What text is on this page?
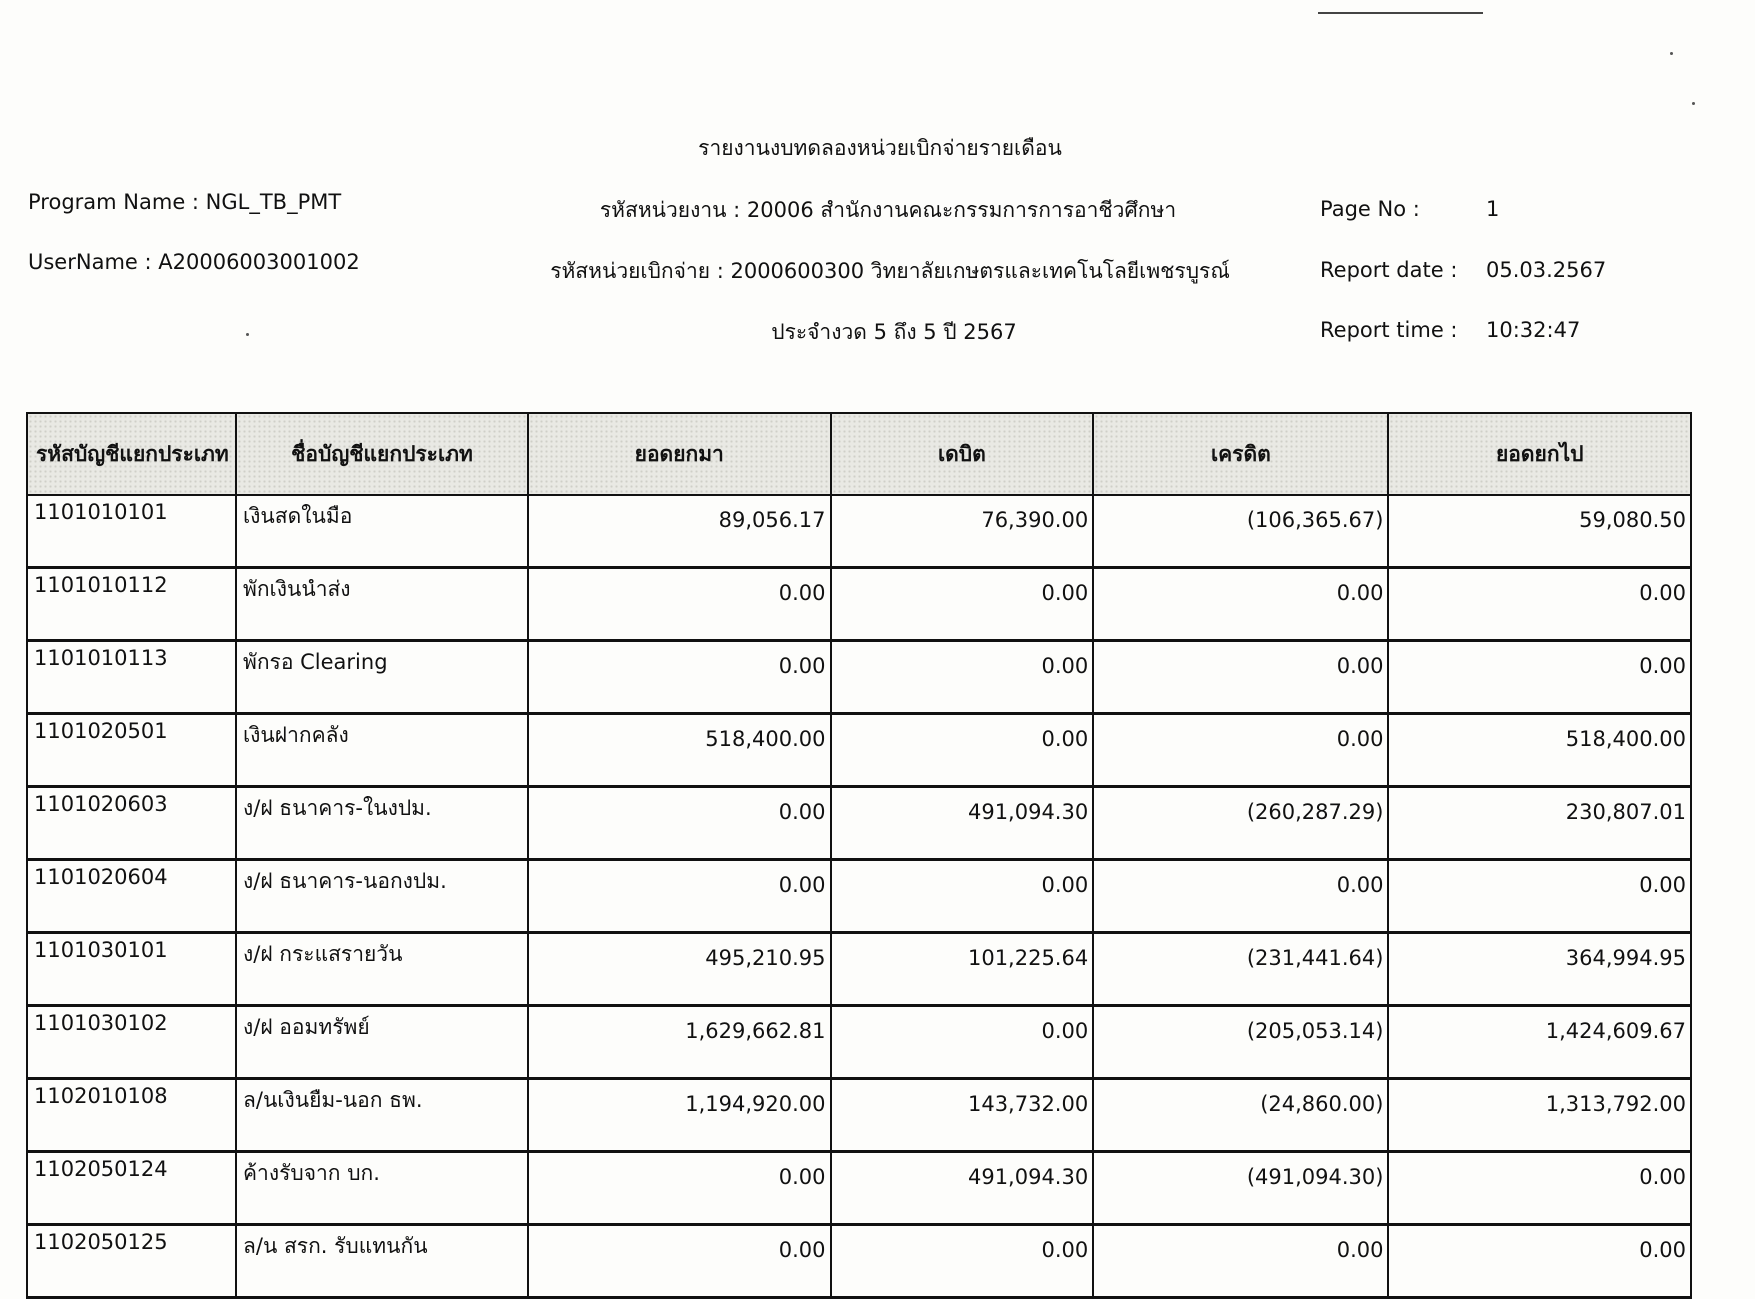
รายงานงบทดลองหน่วยเบิกจ่ายรายเดือน
Program Name : NGL_TB_PMT
UserName : A20006003001002
รหัสหน่วยงาน : 20006 สำนักงานคณะกรรมการการอาชีวศึกษา
รหัสหน่วยเบิกจ่าย : 2000600300 วิทยาลัยเกษตรและเทคโนโลยีเพชรบูรณ์
ประจำงวด 5 ถึง 5 ปี 2567
Page No :	1
Report date : 05.03.2567
Report time : 10:32:47
รหัสบัญชีแยกประเภท	ชื่อบัญชีแยกประเภท	ยอดยกมา	เดบิต	เครดิต	ยอดยกไป
1101010101	เงินสดในมือ	89,056.17	76,390.00	(106,365.67)	59,080.50
1101010112	พักเงินนำส่ง	0.00	0.00	0.00	0.00
1101010113	พักรอ Clearing	0.00	0.00	0.00	0.00
1101020501	เงินฝากคลัง	518,400.00	0.00	0.00	518,400.00
1101020603	ง/ฝ ธนาคาร-ในงปม.	0.00	491,094.30	(260,287.29)	230,807.01
1101020604	ง/ฝ ธนาคาร-นอกงปม.	0.00	0.00	0.00	0.00
1101030101	ง/ฝ กระแสรายวัน	495,210.95	101,225.64	(231,441.64)	364,994.95
1101030102	ง/ฝ ออมทรัพย์	1,629,662.81	0.00	(205,053.14)	1,424,609.67
1102010108	ล/นเงินยืม-นอก ธพ.	1,194,920.00	143,732.00	(24,860.00)	1,313,792.00
1102050124	ค้างรับจาก บก.	0.00	491,094.30	(491,094.30)	0.00
1102050125	ล/น สรก. รับแทนกัน	0.00	0.00	0.00	0.00
